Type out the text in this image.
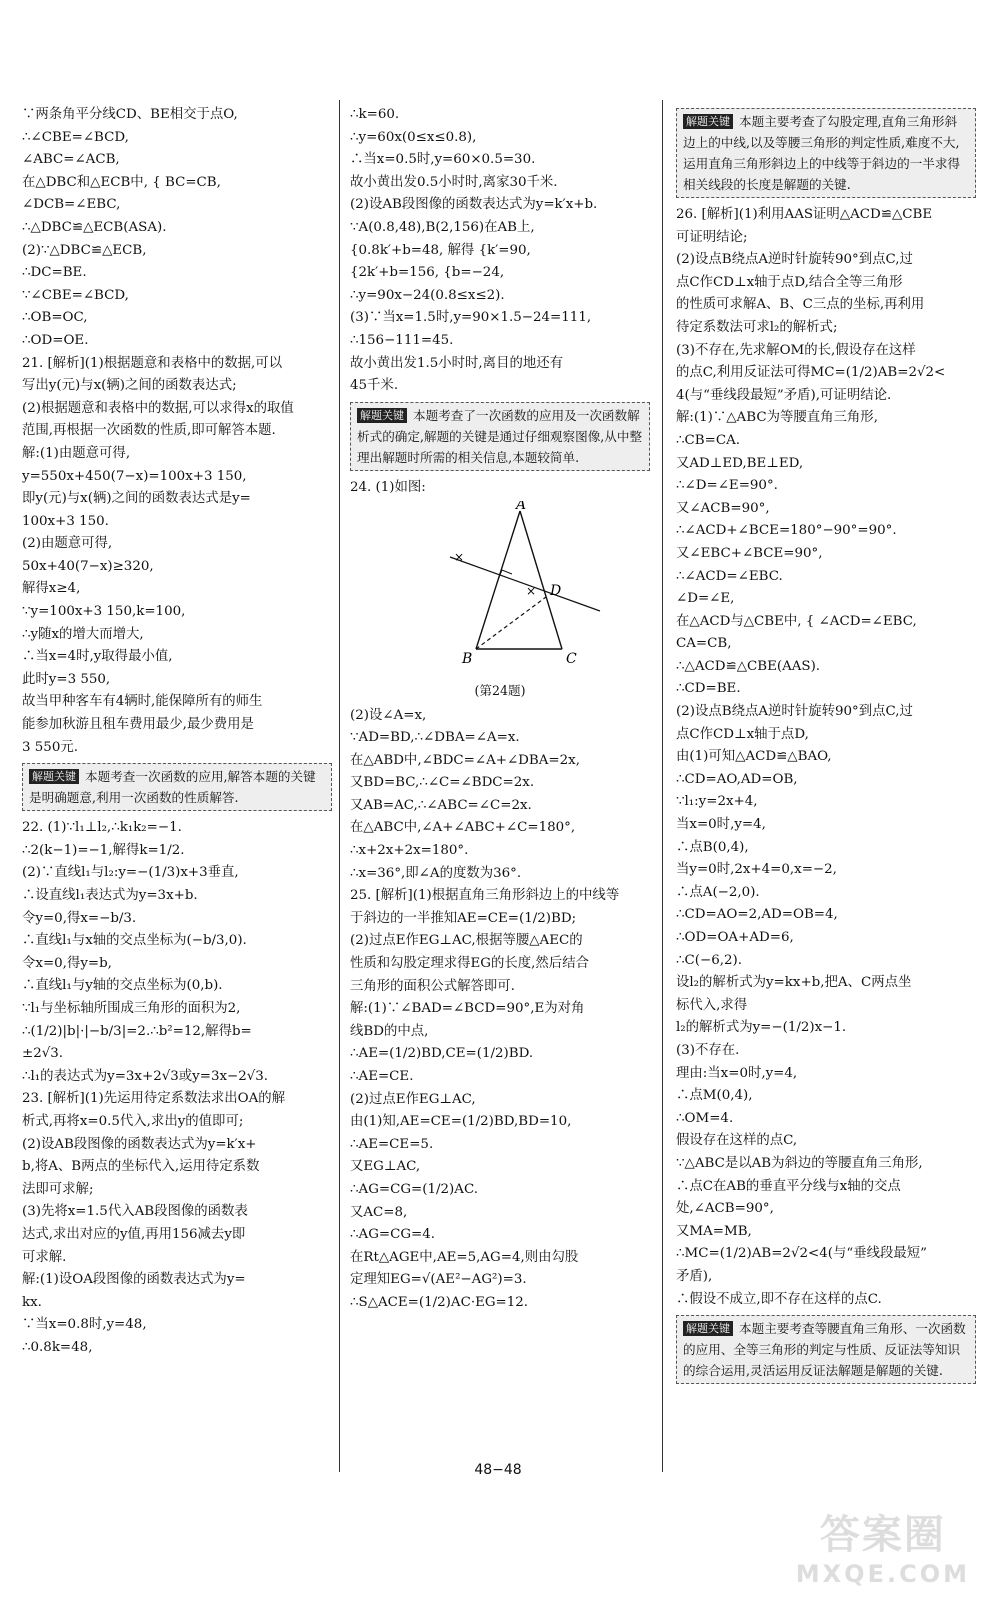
∵两条角平分线CD、BE相交于点O,
∴∠CBE=∠BCD,
∠ABC=∠ACB,
在△DBC和△ECB中, { BC=CB,
∠DCB=∠EBC,
∴△DBC≌△ECB(ASA).
(2)∵△DBC≌△ECB,
∴DC=BE.
∵∠CBE=∠BCD,
∴OB=OC,
∴OD=OE.
21. [解析](1)根据题意和表格中的数据,可以
写出y(元)与x(辆)之间的函数表达式;
(2)根据题意和表格中的数据,可以求得x的取值
范围,再根据一次函数的性质,即可解答本题.
解:(1)由题意可得,
y=550x+450(7−x)=100x+3 150,
即y(元)与x(辆)之间的函数表达式是y=
100x+3 150.
(2)由题意可得,
50x+40(7−x)≥320,
解得x≥4,
∵y=100x+3 150,k=100,
∴y随x的增大而增大,
∴当x=4时,y取得最小值,
此时y=3 550,
故当甲种客车有4辆时,能保障所有的师生
能参加秋游且租车费用最少,最少费用是
3 550元.
解题关键 本题考查一次函数的应用,解答本题的关键是明确题意,利用一次函数的性质解答.
22. (1)∵l₁⊥l₂,∴k₁k₂=−1.
∴2(k−1)=−1,解得k=1/2.
(2)∵直线l₁与l₂:y=−(1/3)x+3垂直,
∴设直线l₁表达式为y=3x+b.
令y=0,得x=−b/3.
∴直线l₁与x轴的交点坐标为(−b/3,0).
令x=0,得y=b,
∴直线l₁与y轴的交点坐标为(0,b).
∵l₁与坐标轴所围成三角形的面积为2,
∴(1/2)|b|·|−b/3|=2.∴b²=12,解得b=
±2√3.
∴l₁的表达式为y=3x+2√3或y=3x−2√3.
23. [解析](1)先运用待定系数法求出OA的解
析式,再将x=0.5代入,求出y的值即可;
(2)设AB段图像的函数表达式为y=k′x+
b,将A、B两点的坐标代入,运用待定系数
法即可求解;
(3)先将x=1.5代入AB段图像的函数表
达式,求出对应的y值,再用156减去y即
可求解.
解:(1)设OA段图像的函数表达式为y=
kx.
∵当x=0.8时,y=48,
∴0.8k=48,
∴k=60.
∴y=60x(0≤x≤0.8),
∴当x=0.5时,y=60×0.5=30.
故小黄出发0.5小时时,离家30千米.
(2)设AB段图像的函数表达式为y=k′x+b.
∵A(0.8,48),B(2,156)在AB上,
{0.8k′+b=48, 解得 {k′=90,
{2k′+b=156, {b=−24,
∴y=90x−24(0.8≤x≤2).
(3)∵当x=1.5时,y=90×1.5−24=111,
∴156−111=45.
故小黄出发1.5小时时,离目的地还有
45千米.
解题关键 本题考查了一次函数的应用及一次函数解析式的确定,解题的关键是通过仔细观察图像,从中整理出解题时所需的相关信息,本题较简单.
24. (1)如图:
×
×
A
B	C
D
(第24题)
(2)设∠A=x,
∵AD=BD,∴∠DBA=∠A=x.
在△ABD中,∠BDC=∠A+∠DBA=2x,
又BD=BC,∴∠C=∠BDC=2x.
又AB=AC,∴∠ABC=∠C=2x.
在△ABC中,∠A+∠ABC+∠C=180°,
∴x+2x+2x=180°.
∴x=36°,即∠A的度数为36°.
25. [解析](1)根据直角三角形斜边上的中线等
于斜边的一半推知AE=CE=(1/2)BD;
(2)过点E作EG⊥AC,根据等腰△AEC的
性质和勾股定理求得EG的长度,然后结合
三角形的面积公式解答即可.
解:(1)∵∠BAD=∠BCD=90°,E为对角
线BD的中点,
∴AE=(1/2)BD,CE=(1/2)BD.
∴AE=CE.
(2)过点E作EG⊥AC,
由(1)知,AE=CE=(1/2)BD,BD=10,
∴AE=CE=5.
又EG⊥AC,
∴AG=CG=(1/2)AC.
又AC=8,
∴AG=CG=4.
在Rt△AGE中,AE=5,AG=4,则由勾股
定理知EG=√(AE²−AG²)=3.
∴S△ACE=(1/2)AC·EG=12.
解题关键 本题主要考查了勾股定理,直角三角形斜边上的中线,以及等腰三角形的判定性质,难度不大,运用直角三角形斜边上的中线等于斜边的一半求得相关线段的长度是解题的关键.
26. [解析](1)利用AAS证明△ACD≌△CBE
可证明结论;
(2)设点B绕点A逆时针旋转90°到点C,过
点C作CD⊥x轴于点D,结合全等三角形
的性质可求解A、B、C三点的坐标,再利用
待定系数法可求l₂的解析式;
(3)不存在,先求解OM的长,假设存在这样
的点C,利用反证法可得MC=(1/2)AB=2√2<
4(与“垂线段最短”矛盾),可证明结论.
解:(1)∵△ABC为等腰直角三角形,
∴CB=CA.
又AD⊥ED,BE⊥ED,
∴∠D=∠E=90°.
又∠ACB=90°,
∴∠ACD+∠BCE=180°−90°=90°.
又∠EBC+∠BCE=90°,
∴∠ACD=∠EBC.
∠D=∠E,
在△ACD与△CBE中, { ∠ACD=∠EBC,
CA=CB,
∴△ACD≌△CBE(AAS).
∴CD=BE.
(2)设点B绕点A逆时针旋转90°到点C,过
点C作CD⊥x轴于点D,
由(1)可知△ACD≌△BAO,
∴CD=AO,AD=OB,
∵l₁:y=2x+4,
当x=0时,y=4,
∴点B(0,4),
当y=0时,2x+4=0,x=−2,
∴点A(−2,0).
∴CD=AO=2,AD=OB=4,
∴OD=OA+AD=6,
∴C(−6,2).
设l₂的解析式为y=kx+b,把A、C两点坐
标代入,求得
l₂的解析式为y=−(1/2)x−1.
(3)不存在.
理由:当x=0时,y=4,
∴点M(0,4),
∴OM=4.
假设存在这样的点C,
∵△ABC是以AB为斜边的等腰直角三角形,
∴点C在AB的垂直平分线与x轴的交点
处,∠ACB=90°,
又MA=MB,
∴MC=(1/2)AB=2√2<4(与“垂线段最短”
矛盾),
∴假设不成立,即不存在这样的点C.
解题关键 本题主要考查等腰直角三角形、一次函数的应用、全等三角形的判定与性质、反证法等知识的综合运用,灵活运用反证法解题是解题的关键.
48−48
答案圈
MXQE.COM
